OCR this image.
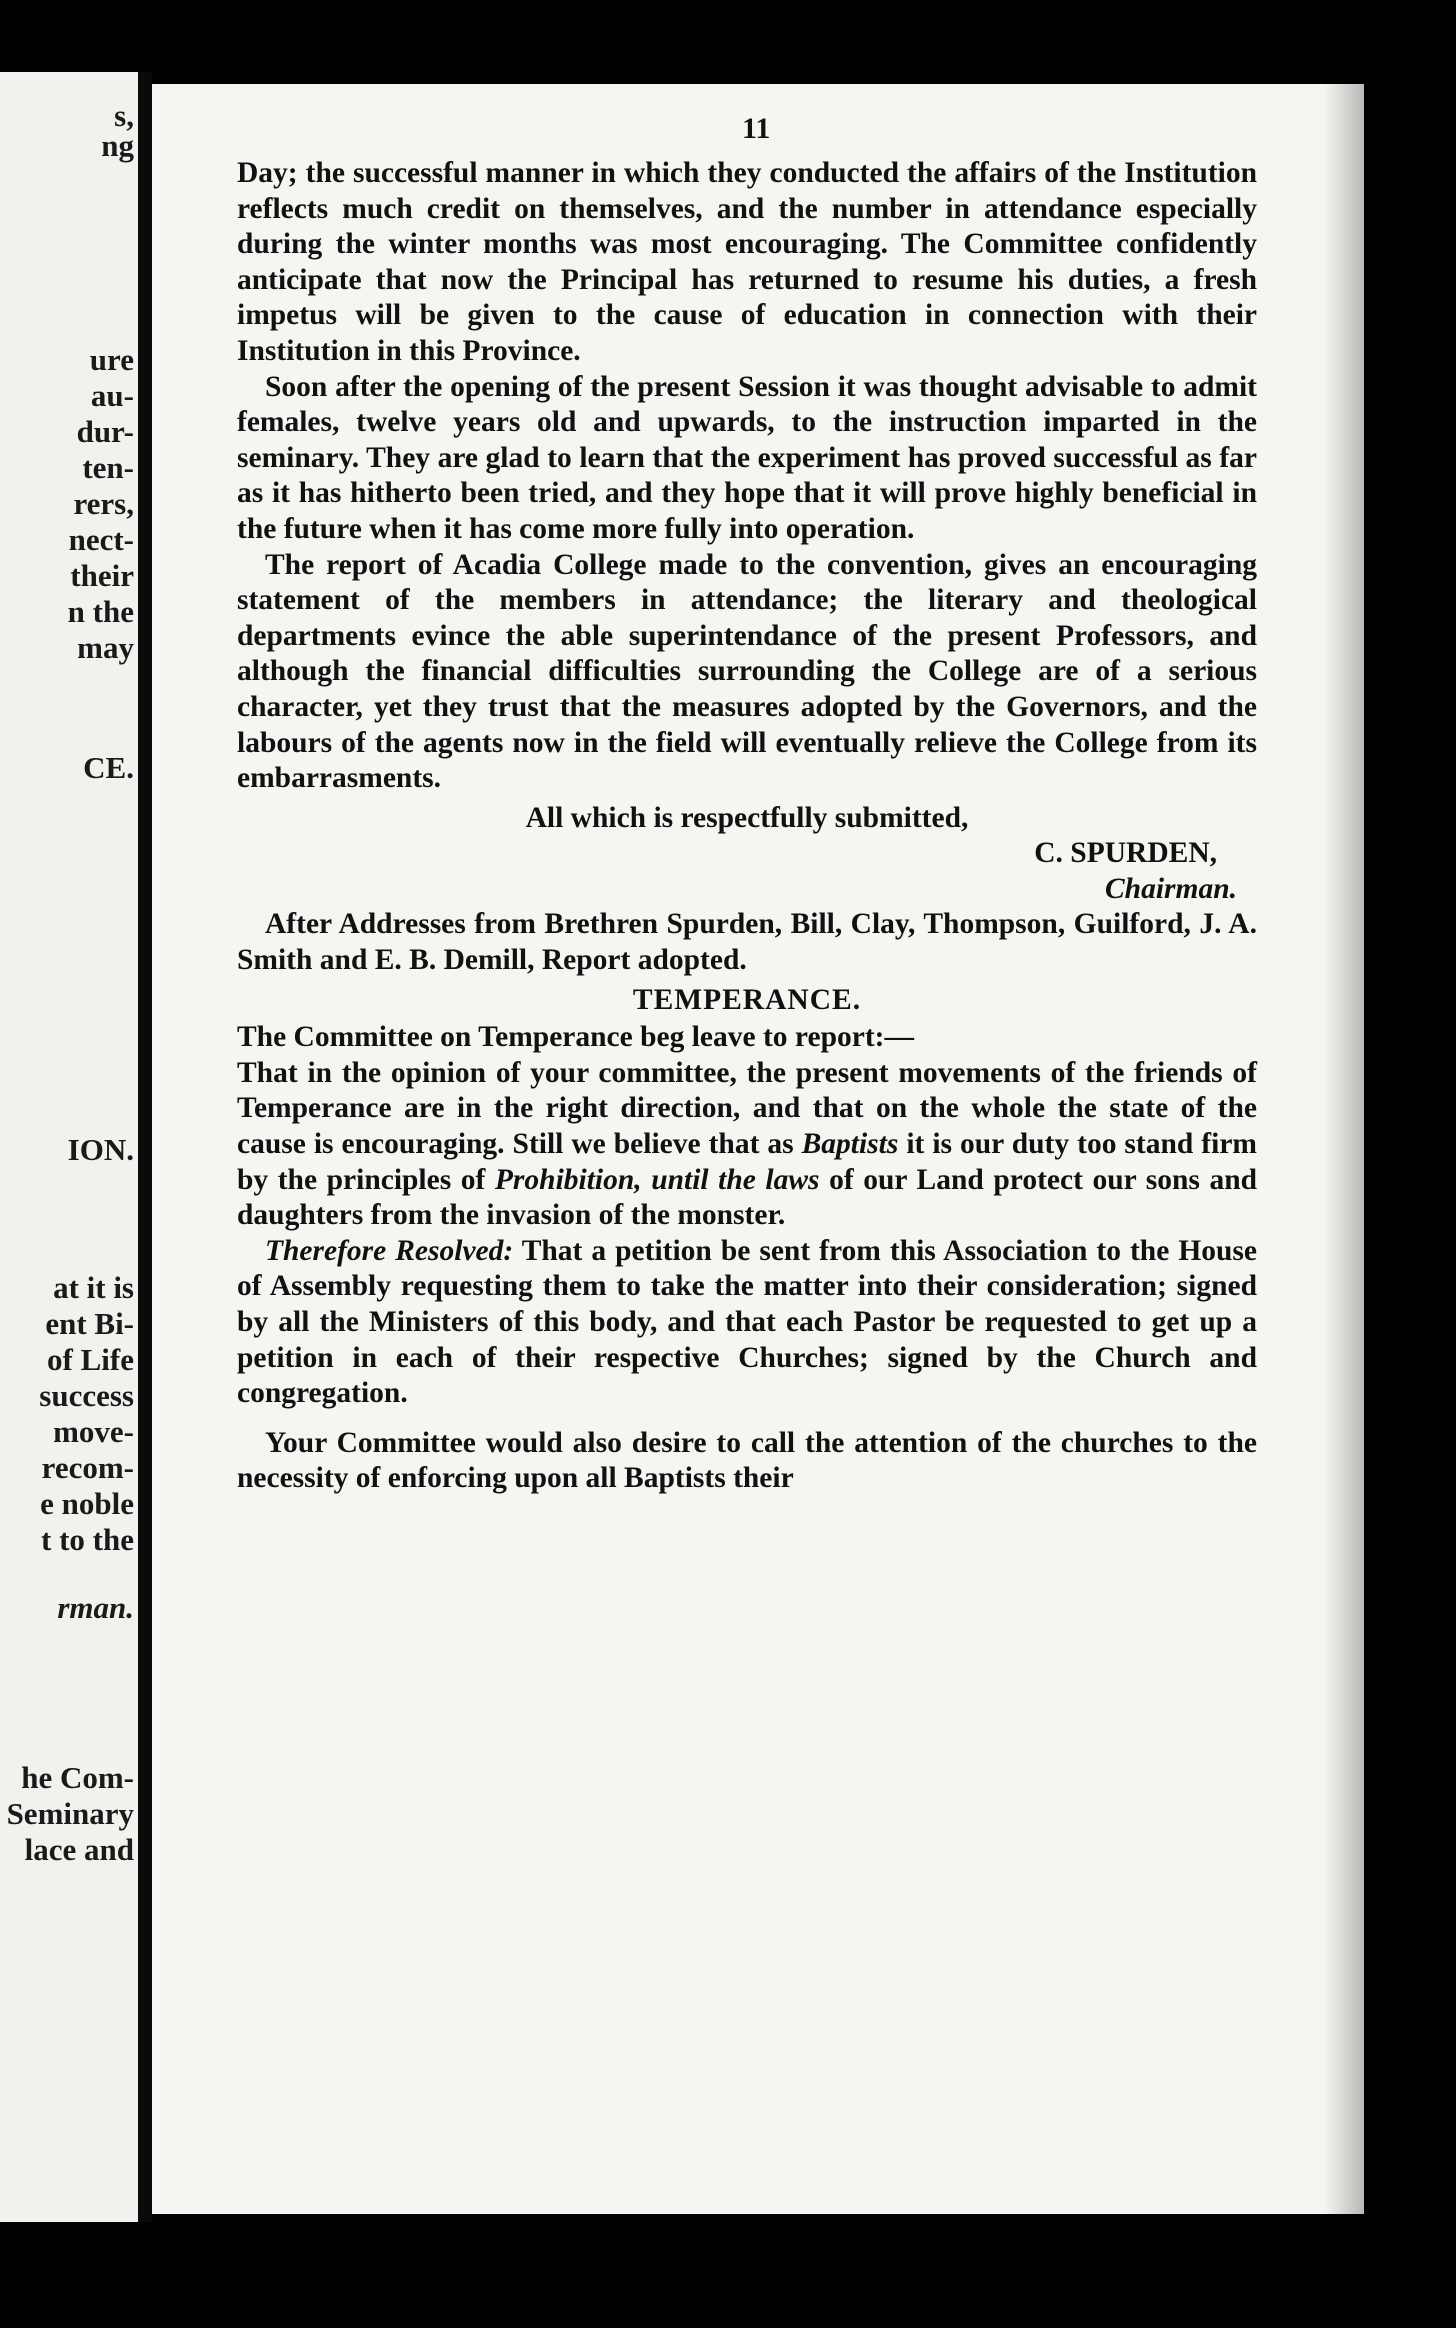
s,
ng
ure
au-
dur-
ten-
rers,
nect-
their
n the
may
CE.
ION.
at it is
ent Bi-
of Life
success
move-
recom-
e noble
t to the
rman.
he Com-
Seminary
lace and
11

Day; the successful manner in which they conducted the affairs of the Institution reflects much credit on themselves, and the number in attendance especially during the winter months was most encouraging. The Committee confidently anticipate that now the Principal has returned to resume his duties, a fresh impetus will be given to the cause of education in connection with their Institution in this Province.

Soon after the opening of the present Session it was thought advisable to admit females, twelve years old and upwards, to the instruction imparted in the seminary. They are glad to learn that the experiment has proved successful as far as it has hitherto been tried, and they hope that it will prove highly beneficial in the future when it has come more fully into operation.

The report of Acadia College made to the convention, gives an encouraging statement of the members in attendance; the literary and theological departments evince the able superintendance of the present Professors, and although the financial difficulties surrounding the College are of a serious character, yet they trust that the measures adopted by the Governors, and the labours of the agents now in the field will eventually relieve the College from its embarrasments.

All which is respectfully submitted,

C. SPURDEN,

Chairman.

After Addresses from Brethren Spurden, Bill, Clay, Thompson, Guilford, J. A. Smith and E. B. Demill, Report adopted.

TEMPERANCE.

The Committee on Temperance beg leave to report:—

That in the opinion of your committee, the present movements of the friends of Temperance are in the right direction, and that on the whole the state of the cause is encouraging. Still we believe that as Baptists it is our duty too stand firm by the principles of Prohibition, until the laws of our Land protect our sons and daughters from the invasion of the monster.

Therefore Resolved: That a petition be sent from this Association to the House of Assembly requesting them to take the matter into their consideration; signed by all the Ministers of this body, and that each Pastor be requested to get up a petition in each of their respective Churches; signed by the Church and congregation.

Your Committee would also desire to call the attention of the churches to the necessity of enforcing upon all Baptists their
